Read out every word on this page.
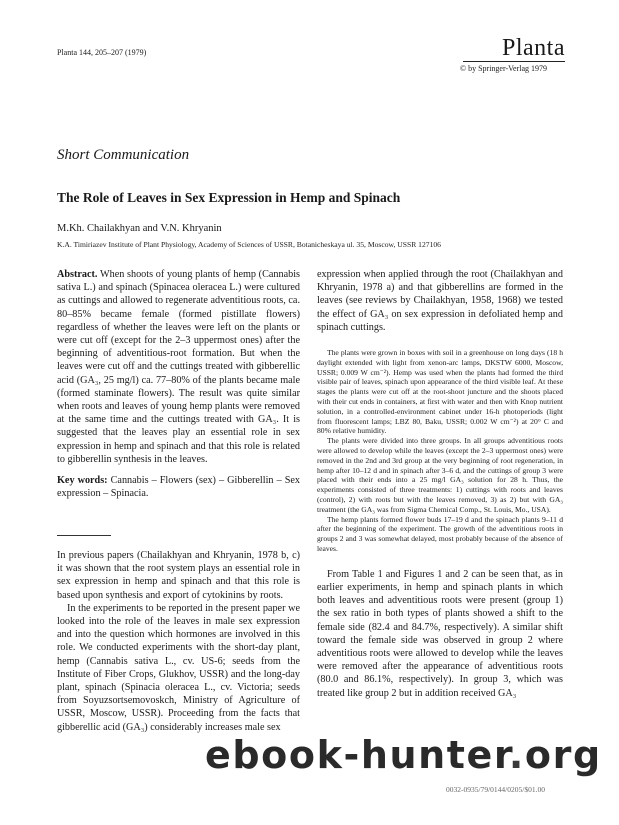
Planta 144, 205–207 (1979)	Planta
© by Springer-Verlag 1979
Short Communication
The Role of Leaves in Sex Expression in Hemp and Spinach
M.Kh. Chailakhyan and V.N. Khryanin
K.A. Timiriazev Institute of Plant Physiology, Academy of Sciences of USSR, Botanicheskaya ul. 35, Moscow, USSR 127106

Abstract. When shoots of young plants of hemp (Cannabis sativa L.) and spinach (Spinacea oleracea L.) were cultured as cuttings and allowed to regenerate adventitious roots, ca. 80–85% became female (formed pistillate flowers) regardless of whether the leaves were left on the plants or were cut off (except for the 2–3 uppermost ones) after the beginning of adventitious-root formation. But when the leaves were cut off and the cuttings treated with gibberellic acid (GA₃, 25 mg/l) ca. 77–80% of the plants became male (formed staminate flowers). The result was quite similar when roots and leaves of young hemp plants were removed at the same time and the cuttings treated with GA₃. It is suggested that the leaves play an essential role in sex expression in hemp and spinach and that this role is related to gibberellin synthesis in the leaves.

Key words: Cannabis – Flowers (sex) – Gibberellin – Sex expression – Spinacia.

In previous papers (Chailakhyan and Khryanin, 1978 b, c) it was shown that the root system plays an essential role in sex expression in hemp and spinach and that this role is based upon synthesis and export of cytokinins by roots.

In the experiments to be reported in the present paper we looked into the role of the leaves in male sex expression and into the question which hormones are involved in this role. We conducted experiments with the short-day plant, hemp (Cannabis sativa L., cv. US-6; seeds from the Institute of Fiber Crops, Glukhov, USSR) and the long-day plant, spinach (Spinacia oleracea L., cv. Victoria; seeds from Soyuzsortsemovoskch, Ministry of Agriculture of USSR, Moscow, USSR). Proceeding from the facts that gibberellic acid (GA₃) considerably increases male sex

expression when applied through the root (Chailakhyan and Khryanin, 1978 a) and that gibberellins are formed in the leaves (see reviews by Chailakhyan, 1958, 1968) we tested the effect of GA₃ on sex expression in defoliated hemp and spinach cuttings.

The plants were grown in boxes with soil in a greenhouse on long days (18 h daylight extended with light from xenon-arc lamps, DKSTW 6000, Moscow, USSR; 0.009 W cm⁻²). Hemp was used when the plants had formed the third visible pair of leaves, spinach upon appearance of the third visible leaf. At these stages the plants were cut off at the root-shoot juncture and the shoots placed with their cut ends in containers, at first with water and then with Knop nutrient solution, in a controlled-environment cabinet under 16-h photoperiods (light from fluorescent lamps; LBZ 80, Baku, USSR; 0.002 W cm⁻²) at 20° C and 80% relative humidity.

The plants were divided into three groups. In all groups adventitious roots were allowed to develop while the leaves (except the 2–3 uppermost ones) were removed in the 2nd and 3rd group at the very beginning of root regeneration, in hemp after 10–12 d and in spinach after 3–6 d, and the cuttings of group 3 were placed with their ends into a 25 mg/l GA₃ solution for 28 h. Thus, the experiments consisted of three treatments: 1) cuttings with roots and leaves (control), 2) with roots but with the leaves removed, 3) as 2) but with GA₃ treatment (the GA₃ was from Sigma Chemical Comp., St. Louis, Mo., USA).

The hemp plants formed flower buds 17–19 d and the spinach plants 9–11 d after the beginning of the experiment. The growth of the adventitious roots in groups 2 and 3 was somewhat delayed, most probably because of the absence of leaves.

From Table 1 and Figures 1 and 2 can be seen that, as in earlier experiments, in hemp and spinach plants in which both leaves and adventitious roots were present (group 1) the sex ratio in both types of plants showed a shift to the female side (82.4 and 84.7%, respectively). A similar shift toward the female side was observed in group 2 where adventitious roots were allowed to develop while the leaves were removed after the appearance of adventitious roots (80.0 and 86.1%, respectively). In group 3, which was treated like group 2 but in addition received GA₃

ebook-hunter.org
0032-0935/79/0144/0205/$01.00
